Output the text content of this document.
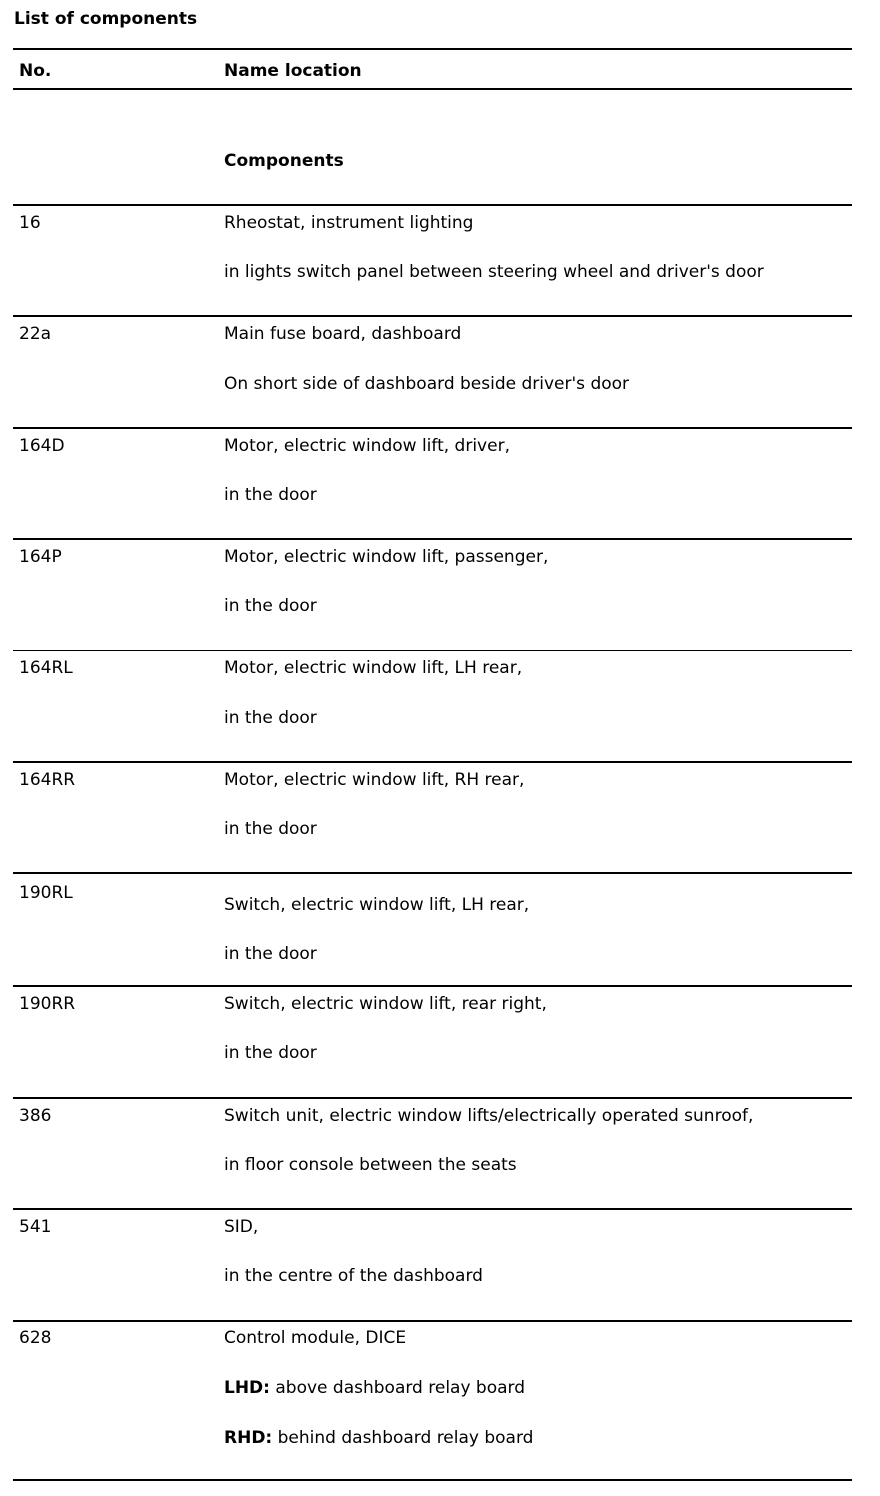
List of components
No.	Name location
Components
16	Rheostat, instrument lighting
in lights switch panel between steering wheel and driver's door
22a	Main fuse board, dashboard
On short side of dashboard beside driver's door
164D	Motor, electric window lift, driver,
in the door
164P	Motor, electric window lift, passenger,
in the door
164RL	Motor, electric window lift, LH rear,
in the door
164RR	Motor, electric window lift, RH rear,
in the door
190RL
Switch, electric window lift, LH rear,
in the door
190RR	Switch, electric window lift, rear right,
in the door
386	Switch unit, electric window lifts/electrically operated sunroof,
in floor console between the seats
541	SID,
in the centre of the dashboard
628	Control module, DICE
LHD: above dashboard relay board
RHD: behind dashboard relay board
